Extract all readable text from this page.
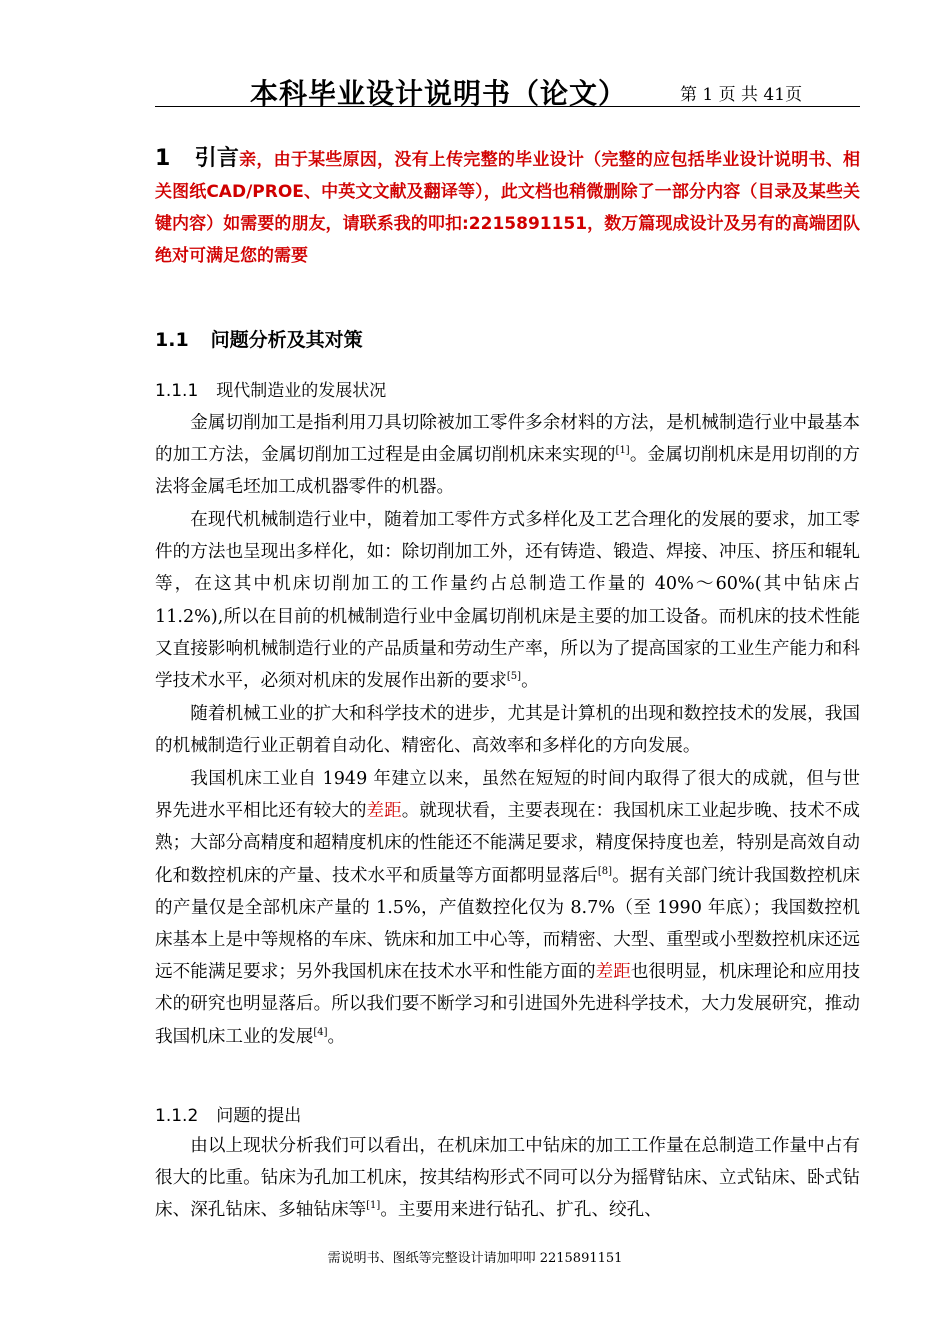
本科毕业设计说明书（论文）	第 1 页 共 41页
1 引言亲，由于某些原因，没有上传完整的毕业设计（完整的应包括毕业设计说明书、相关图纸CAD/PROE、中英文文献及翻译等），此文档也稍微删除了一部分内容（目录及某些关键内容）如需要的朋友，请联系我的叩扣:2215891151，数万篇现成设计及另有的高端团队绝对可满足您的需要
1.1 问题分析及其对策
1.1.1 现代制造业的发展状况
金属切削加工是指利用刀具切除被加工零件多余材料的方法，是机械制造行业中最基本的加工方法，金属切削加工过程是由金属切削机床来实现的[1]。金属切削机床是用切削的方法将金属毛坯加工成机器零件的机器。
在现代机械制造行业中，随着加工零件方式多样化及工艺合理化的发展的要求，加工零件的方法也呈现出多样化，如：除切削加工外，还有铸造、锻造、焊接、冲压、挤压和辊轧等，在这其中机床切削加工的工作量约占总制造工作量的 40%～60%(其中钻床占 11.2%),所以在目前的机械制造行业中金属切削机床是主要的加工设备。而机床的技术性能又直接影响机械制造行业的产品质量和劳动生产率，所以为了提高国家的工业生产能力和科学技术水平，必须对机床的发展作出新的要求[5]。
随着机械工业的扩大和科学技术的进步，尤其是计算机的出现和数控技术的发展，我国的机械制造行业正朝着自动化、精密化、高效率和多样化的方向发展。
我国机床工业自 1949 年建立以来，虽然在短短的时间内取得了很大的成就，但与世界先进水平相比还有较大的差距。就现状看，主要表现在：我国机床工业起步晚、技术不成熟；大部分高精度和超精度机床的性能还不能满足要求，精度保持度也差，特别是高效自动化和数控机床的产量、技术水平和质量等方面都明显落后[8]。据有关部门统计我国数控机床的产量仅是全部机床产量的 1.5%，产值数控化仅为 8.7%（至 1990 年底）；我国数控机床基本上是中等规格的车床、铣床和加工中心等，而精密、大型、重型或小型数控机床还远远不能满足要求；另外我国机床在技术水平和性能方面的差距也很明显，机床理论和应用技术的研究也明显落后。所以我们要不断学习和引进国外先进科学技术，大力发展研究，推动我国机床工业的发展[4]。
1.1.2 问题的提出
由以上现状分析我们可以看出，在机床加工中钻床的加工工作量在总制造工作量中占有很大的比重。钻床为孔加工机床，按其结构形式不同可以分为摇臂钻床、立式钻床、卧式钻床、深孔钻床、多轴钻床等[1]。主要用来进行钻孔、扩孔、绞孔、
需说明书、图纸等完整设计请加叩叩 2215891151
